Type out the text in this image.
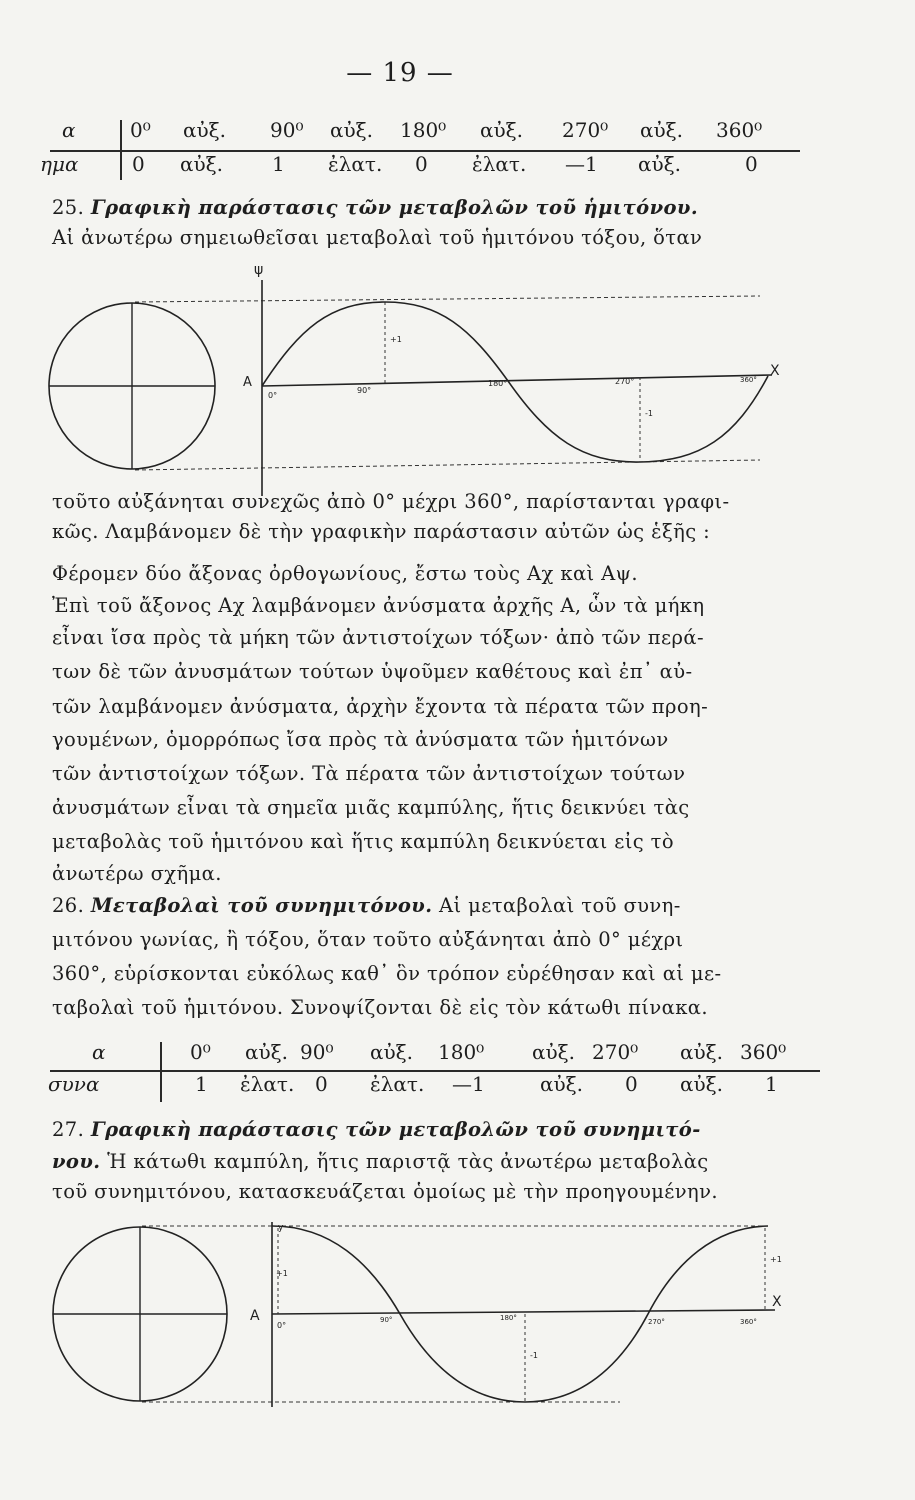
— 19 —
α	0⁰ αὐξ. 90⁰ αὐξ. 180⁰ αὐξ. 270⁰ αὐξ. 360⁰
ημα	0 αὐξ. 1 ἐλατ. 0 ἐλατ. —1 αὐξ.	0
25. Γραφικὴ παράστασις τῶν μεταβολῶν τοῦ ἡμιτόνου.
Αἱ ἀνωτέρω σημειωθεῖσαι μεταβολαὶ τοῦ ἡμιτόνου τόξου, ὅταν
ψ
A
X
0°
90°
180°	270°	360°
+1
-1
τοῦτο αὐξάνηται συνεχῶς ἀπὸ 0° μέχρι 360°, παρίστανται γραφι-
κῶς. Λαμβάνομεν δὲ τὴν γραφικὴν παράστασιν αὐτῶν ὡς ἑξῆς :
Φέρομεν δύο ἄξονας ὀρθογωνίους, ἔστω τοὺς Αχ καὶ Αψ.
Ἐπὶ τοῦ ἄξονος Αχ λαμβάνομεν ἀνύσματα ἀρχῆς Α, ὧν τὰ μήκη
εἶναι ἴσα πρὸς τὰ μήκη τῶν ἀντιστοίχων τόξων· ἀπὸ τῶν περά-
των δὲ τῶν ἀνυσμάτων τούτων ὑψοῦμεν καθέτους καὶ ἐπ᾽ αὐ-
τῶν λαμβάνομεν ἀνύσματα, ἀρχὴν ἔχοντα τὰ πέρατα τῶν προη-
γουμένων, ὁμορρόπως ἴσα πρὸς τὰ ἀνύσματα τῶν ἡμιτόνων
τῶν ἀντιστοίχων τόξων. Τὰ πέρατα τῶν ἀντιστοίχων τούτων
ἀνυσμάτων εἶναι τὰ σημεῖα μιᾶς καμπύλης, ἥτις δεικνύει τὰς
μεταβολὰς τοῦ ἡμιτόνου καὶ ἥτις καμπύλη δεικνύεται εἰς τὸ
ἀνωτέρω σχῆμα.
26. Μεταβολαὶ τοῦ συνημιτόνου. Αἱ μεταβολαὶ τοῦ συνη-
μιτόνου γωνίας, ἢ τόξου, ὅταν τοῦτο αὐξάνηται ἀπὸ 0° μέχρι
360°, εὑρίσκονται εὐκόλως καθ᾽ ὃν τρόπον εὑρέθησαν καὶ αἱ με-
ταβολαὶ τοῦ ἡμιτόνου. Συνοψίζονται δὲ εἰς τὸν κάτωθι πίνακα.
α	0⁰ αὐξ. 90⁰ αὐξ. 180⁰ αὐξ. 270⁰ αὐξ. 360⁰
συνα	1 ἐλατ. 0 ἐλατ. —1	αὐξ. 0 αὐξ. 1
27. Γραφικὴ παράστασις τῶν μεταβολῶν τοῦ συνημιτό-
νου. Ἡ κάτωθι καμπύλη, ἥτις παριστᾷ τὰς ἀνωτέρω μεταβολὰς
τοῦ συνημιτόνου, κατασκευάζεται ὁμοίως μὲ τὴν προηγουμένην.
y
A
X
+1
+1
-1
0°
90°	180°	270°	360°
